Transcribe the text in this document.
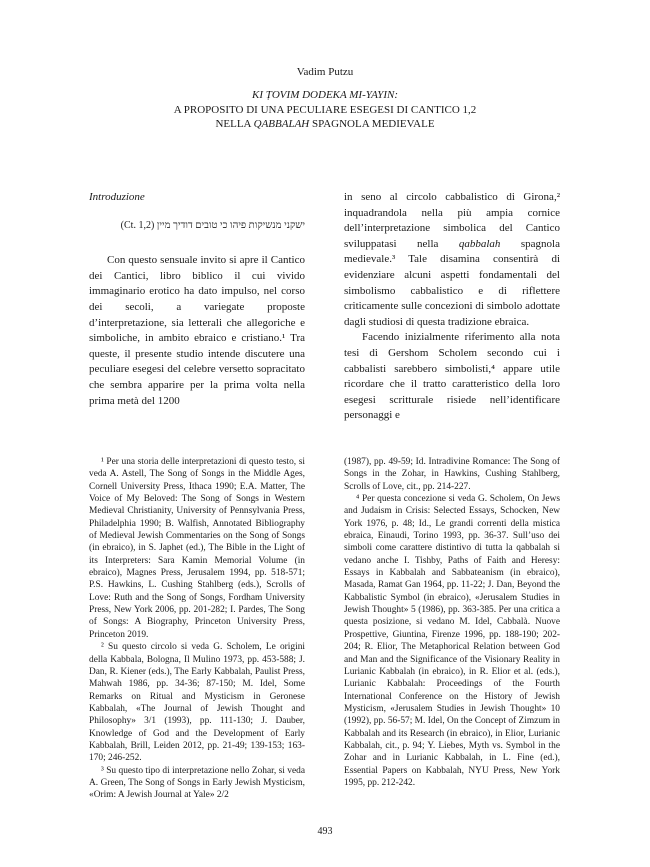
Vadim Putzu
KI ṬOVIM DODEKA MI-YAYIN:
A PROPOSITO DI UNA PECULIARE ESEGESI DI CANTICO 1,2
NELLA QABBALAH SPAGNOLA MEDIEVALE
Introduzione
(Ct. 1,2) ישקני מנשיקות פיהו כי טובים דודיך מיין

Con questo sensuale invito si apre il Cantico dei Cantici, libro biblico il cui vivido immaginario erotico ha dato impulso, nel corso dei secoli, a variegate proposte d’interpretazione, sia letterali che allegoriche e simboliche, in ambito ebraico e cristiano.¹ Tra queste, il presente studio intende discutere una peculiare esegesi del celebre versetto sopracitato che sembra apparire per la prima volta nella prima metà del 1200

in seno al circolo cabbalistico di Girona,² inquadrandola nella più ampia cornice dell’interpretazione simbolica del Cantico sviluppatasi nella qabbalah spagnola medievale.³ Tale disamina consentirà di evidenziare alcuni aspetti fondamentali del simbolismo cabbalistico e di riflettere criticamente sulle concezioni di simbolo adottate dagli studiosi di questa tradizione ebraica.

Facendo inizialmente riferimento alla nota tesi di Gershom Scholem secondo cui i cabbalisti sarebbero simbolisti,⁴ appare utile ricordare che il tratto caratteristico della loro esegesi scritturale risiede nell’identificare personaggi e

¹ Per una storia delle interpretazioni di questo testo, si veda A. Astell, The Song of Songs in the Middle Ages, Cornell University Press, Ithaca 1990; E.A. Matter, The Voice of My Beloved: The Song of Songs in Western Medieval Christianity, University of Pennsylvania Press, Philadelphia 1990; B. Walfish, Annotated Bibliography of Medieval Jewish Commentaries on the Song of Songs (in ebraico), in S. Japhet (ed.), The Bible in the Light of its Interpreters: Sara Kamin Memorial Volume (in ebraico), Magnes Press, Jerusalem 1994, pp. 518-571; P.S. Hawkins, L. Cushing Stahlberg (eds.), Scrolls of Love: Ruth and the Song of Songs, Fordham University Press, New York 2006, pp. 201-282; I. Pardes, The Song of Songs: A Biography, Princeton University Press, Princeton 2019.

² Su questo circolo si veda G. Scholem, Le origini della Kabbala, Bologna, Il Mulino 1973, pp. 453-588; J. Dan, R. Kiener (eds.), The Early Kabbalah, Paulist Press, Mahwah 1986, pp. 34-36; 87-150; M. Idel, Some Remarks on Ritual and Mysticism in Geronese Kabbalah, «The Journal of Jewish Thought and Philosophy» 3/1 (1993), pp. 111-130; J. Dauber, Knowledge of God and the Development of Early Kabbalah, Brill, Leiden 2012, pp. 21-49; 139-153; 163-170; 246-252.

³ Su questo tipo di interpretazione nello Zohar, si veda A. Green, The Song of Songs in Early Jewish Mysticism, «Orim: A Jewish Journal at Yale» 2/2

(1987), pp. 49-59; Id. Intradivine Romance: The Song of Songs in the Zohar, in Hawkins, Cushing Stahlberg, Scrolls of Love, cit., pp. 214-227.

⁴ Per questa concezione si veda G. Scholem, On Jews and Judaism in Crisis: Selected Essays, Schocken, New York 1976, p. 48; Id., Le grandi correnti della mistica ebraica, Einaudi, Torino 1993, pp. 36-37. Sull’uso dei simboli come carattere distintivo di tutta la qabbalah si vedano anche I. Tishby, Paths of Faith and Heresy: Essays in Kabbalah and Sabbateanism (in ebraico), Masada, Ramat Gan 1964, pp. 11-22; J. Dan, Beyond the Kabbalistic Symbol (in ebraico), «Jerusalem Studies in Jewish Thought» 5 (1986), pp. 363-385. Per una critica a questa posizione, si vedano M. Idel, Cabbalà. Nuove Prospettive, Giuntina, Firenze 1996, pp. 188-190; 202-204; R. Elior, The Metaphorical Relation between God and Man and the Significance of the Visionary Reality in Lurianic Kabbalah (in ebraico), in R. Elior et al. (eds.), Lurianic Kabbalah: Proceedings of the Fourth International Conference on the History of Jewish Mysticism, «Jerusalem Studies in Jewish Thought» 10 (1992), pp. 56-57; M. Idel, On the Concept of Zimzum in Kabbalah and its Research (in ebraico), in Elior, Lurianic Kabbalah, cit., p. 94; Y. Liebes, Myth vs. Symbol in the Zohar and in Lurianic Kabbalah, in L. Fine (ed.), Essential Papers on Kabbalah, NYU Press, New York 1995, pp. 212-242.

493
